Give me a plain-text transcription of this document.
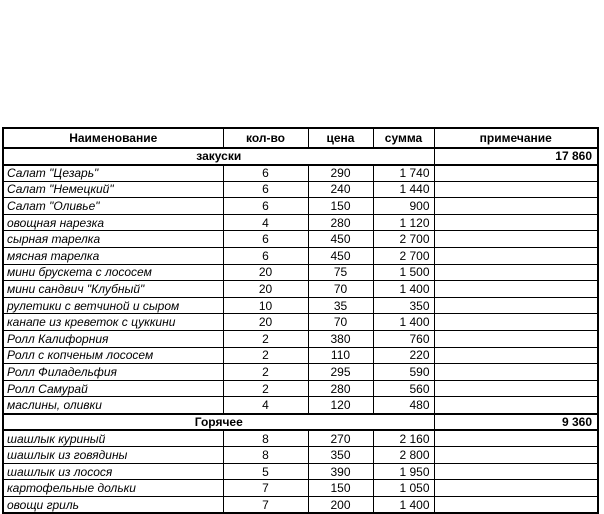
Наименование	кол-во	цена	сумма	примечание
закуски				17 860
Салат "Цезарь"	6	290	1 740	
Салат "Немецкий"	6	240	1 440	
Салат "Оливье"	6	150	900	
овощная нарезка	4	280	1 120	
сырная тарелка	6	450	2 700	
мясная тарелка	6	450	2 700	
мини брускета с лососем	20	75	1 500	
мини сандвич "Клубный"	20	70	1 400	
рулетики с ветчиной и сыром	10	35	350	
канапе из креветок с цуккини	20	70	1 400	
Ролл Калифорния	2	380	760	
Ролл с копченым лососем	2	110	220	
Ролл Филадельфия	2	295	590	
Ролл Самурай	2	280	560	
маслины, оливки	4	120	480	
Горячее				9 360
шашлык куриный	8	270	2 160	
шашлык из говядины	8	350	2 800	
шашлык из лосося	5	390	1 950	
картофельные дольки	7	150	1 050	
овощи гриль	7	200	1 400	
